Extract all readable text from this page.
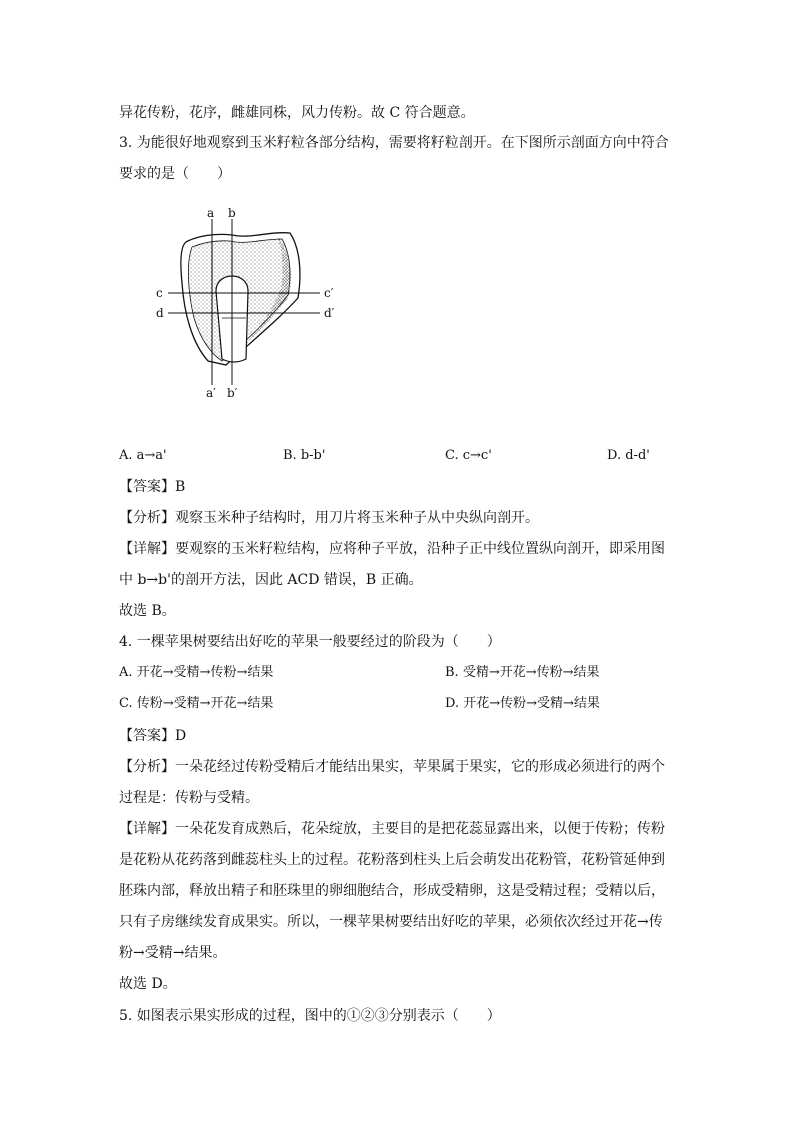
异花传粉，花序，雌雄同株，风力传粉。故 C 符合题意。
3. 为能很好地观察到玉米籽粒各部分结构，需要将籽粒剖开。在下图所示剖面方向中符合
要求的是（　　）
a b
c
d
c′
d′
a′ b′
A. a→a'	B. b-b'	C. c→c'	D. d-d'
【答案】B
【分析】观察玉米种子结构时，用刀片将玉米种子从中央纵向剖开。
【详解】要观察的玉米籽粒结构，应将种子平放，沿种子正中线位置纵向剖开，即采用图
中 b→b'的剖开方法，因此 ACD 错误，B 正确。
故选 B。
4. 一棵苹果树要结出好吃的苹果一般要经过的阶段为（　　）
A. 开花→受精→传粉→结果	B. 受精→开花→传粉→结果
C. 传粉→受精→开花→结果	D. 开花→传粉→受精→结果
【答案】D
【分析】一朵花经过传粉受精后才能结出果实，苹果属于果实，它的形成必须进行的两个
过程是：传粉与受精。
【详解】一朵花发育成熟后，花朵绽放，主要目的是把花蕊显露出来，以便于传粉；传粉
是花粉从花药落到雌蕊柱头上的过程。花粉落到柱头上后会萌发出花粉管，花粉管延伸到
胚珠内部，释放出精子和胚珠里的卵细胞结合，形成受精卵，这是受精过程；受精以后，
只有子房继续发育成果实。所以，一棵苹果树要结出好吃的苹果，必须依次经过开花→传
粉→受精→结果。
故选 D。
5. 如图表示果实形成的过程，图中的①②③分别表示（　　）
